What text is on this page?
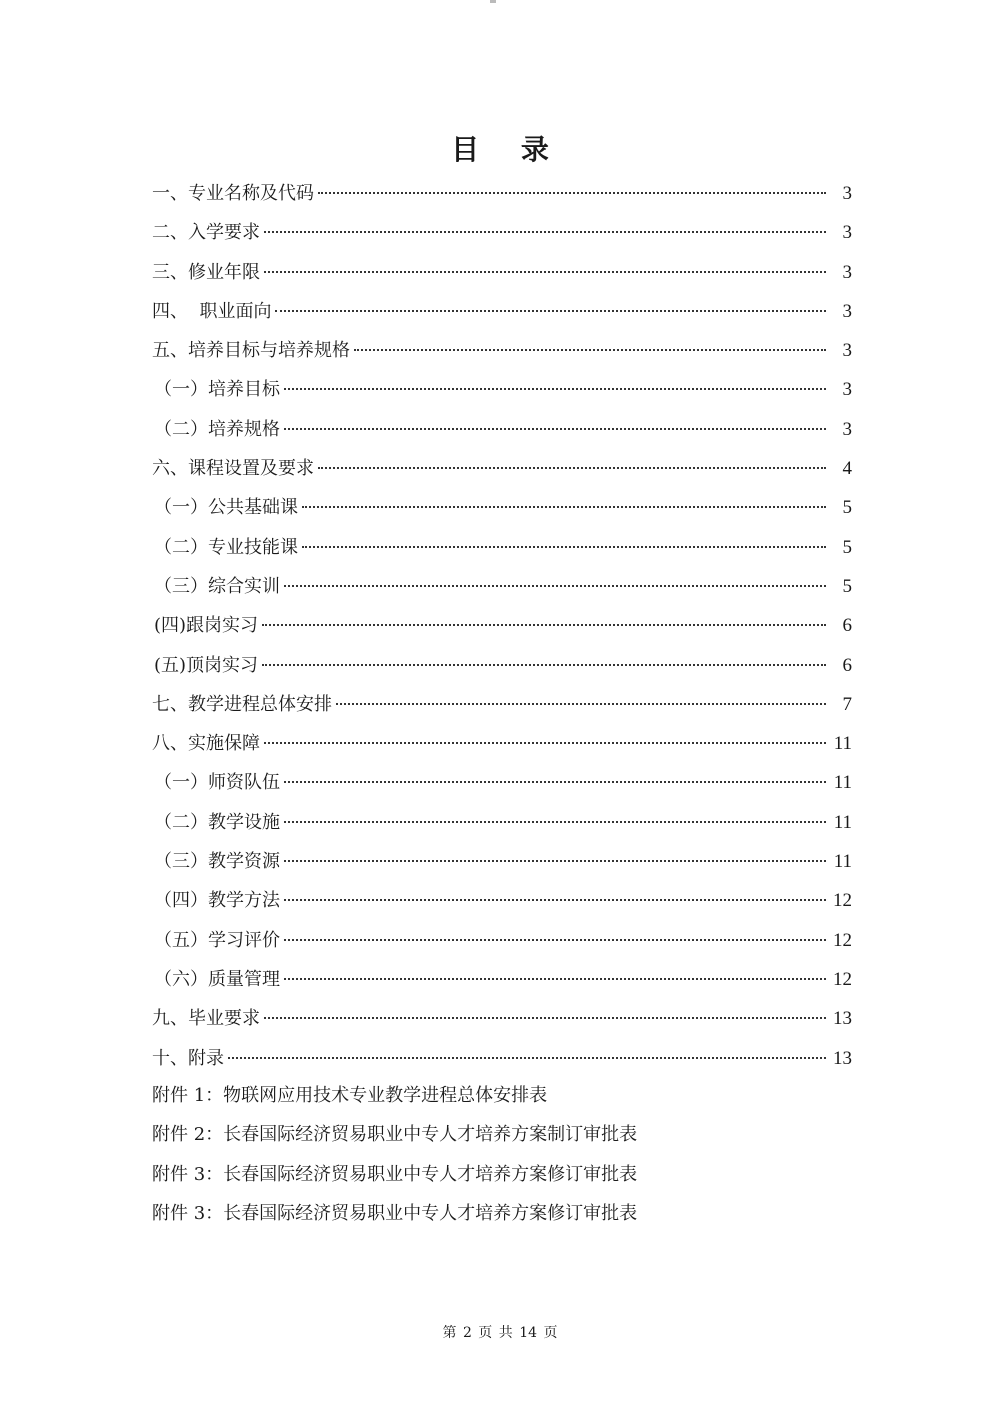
目 录
一、专业名称及代码	3
二、入学要求	3
三、修业年限	3
四、  职业面向	3
五、培养目标与培养规格	3
（一）培养目标	3
（二）培养规格	3
六、课程设置及要求	4
（一）公共基础课	5
（二）专业技能课	5
（三）综合实训	5
(四)跟岗实习	6
(五)顶岗实习	6
七、教学进程总体安排	7
八、实施保障	11
（一）师资队伍	11
（二）教学设施	11
（三）教学资源	11
（四）教学方法	12
（五）学习评价	12
（六）质量管理	12
九、毕业要求	13
十、附录	13
附件 1：物联网应用技术专业教学进程总体安排表
附件 2：长春国际经济贸易职业中专人才培养方案制订审批表
附件 3：长春国际经济贸易职业中专人才培养方案修订审批表
附件 3：长春国际经济贸易职业中专人才培养方案修订审批表
第 2 页 共 14 页
